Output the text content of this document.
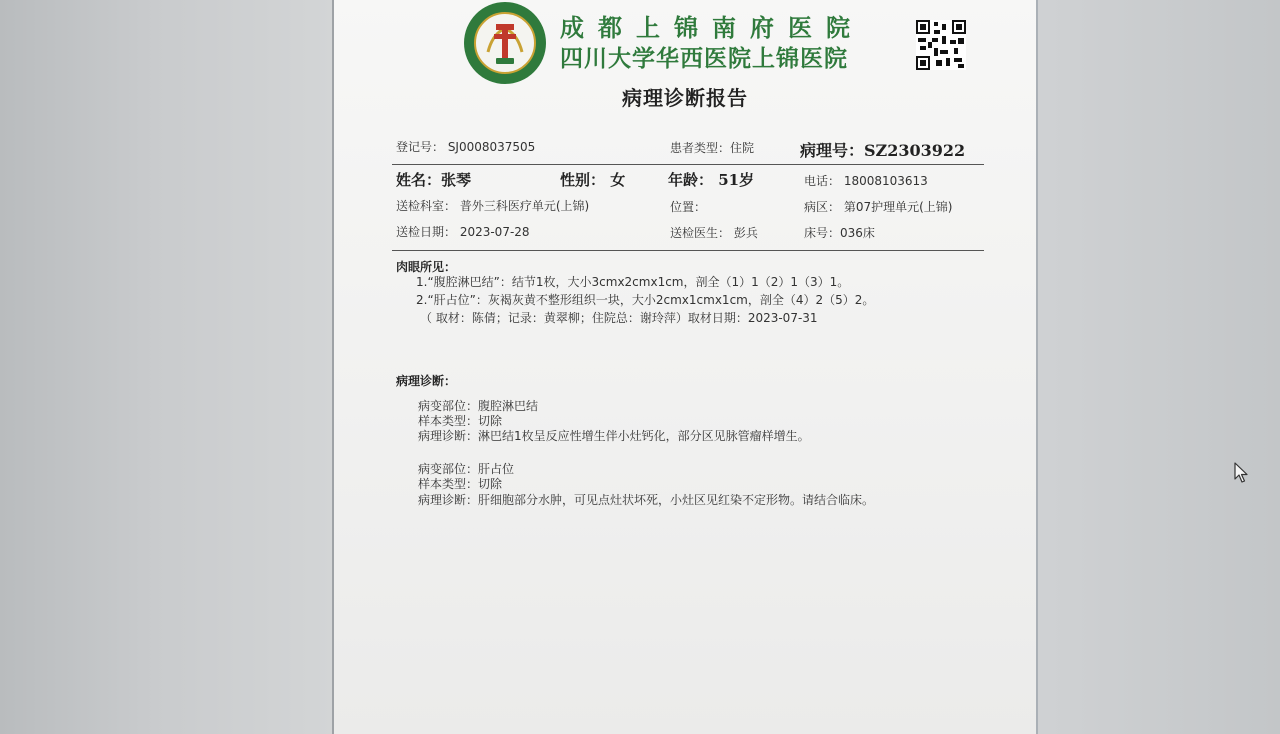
成都上锦南府医院
四川大学华西医院上锦医院
病理诊断报告
登记号： SJ0008037505	患者类型：住院	病理号：SZ2303922
姓名：张琴	性别： 女	年龄： 51岁	电话： 18008103613
送检科室： 普外三科医疗单元(上锦)	位置：	病区： 第07护理单元(上锦)
送检日期： 2023-07-28	送检医生： 彭兵	床号：036床
肉眼所见：
1.“腹腔淋巴结”：结节1枚，大小3cmx2cmx1cm，剖全（1）1（2）1（3）1。
2.“肝占位”：灰褐灰黄不整形组织一块，大小2cmx1cmx1cm，剖全（4）2（5）2。
（ 取材：陈倩；记录：黄翠柳；住院总：谢玲萍）取材日期：2023-07-31
病理诊断：
病变部位：腹腔淋巴结
样本类型：切除
病理诊断：淋巴结1枚呈反应性增生伴小灶钙化，部分区见脉管瘤样增生。
病变部位：肝占位
样本类型：切除
病理诊断：肝细胞部分水肿，可见点灶状坏死，小灶区见红染不定形物。请结合临床。
